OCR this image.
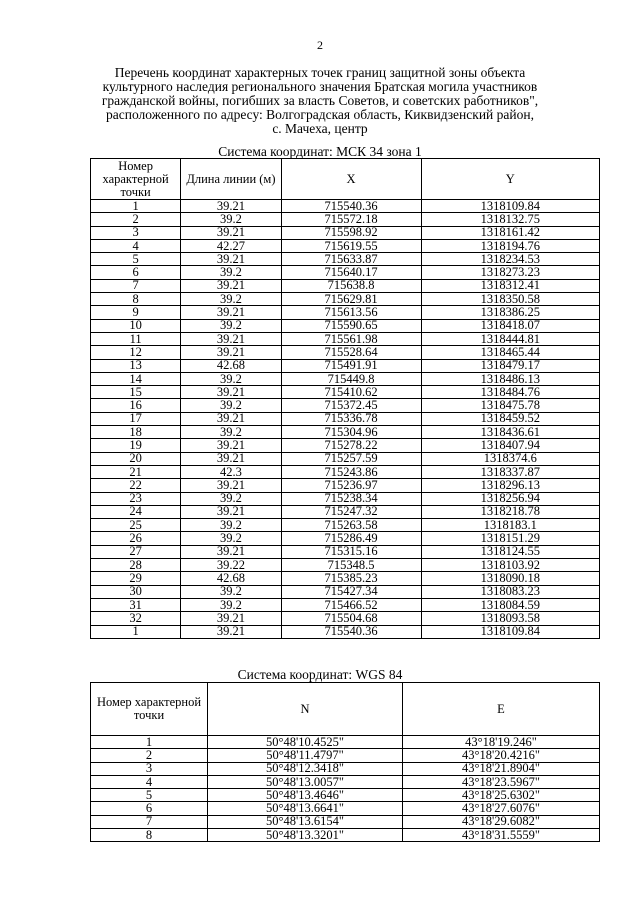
2
Перечень координат характерных точек границ защитной зоны объекта
культурного наследия регионального значения Братская могила участников
гражданской войны, погибших за власть Советов, и советских работников",
расположенного по адресу: Волгоградская область, Киквидзенский район,
с. Мачеха, центр
Система координат: МСК 34 зона 1
Номер характерной точки	Длина линии (м)	X	Y
1	39.21	715540.36	1318109.84
2	39.2	715572.18	1318132.75
3	39.21	715598.92	1318161.42
4	42.27	715619.55	1318194.76
5	39.21	715633.87	1318234.53
6	39.2	715640.17	1318273.23
7	39.21	715638.8	1318312.41
8	39.2	715629.81	1318350.58
9	39.21	715613.56	1318386.25
10	39.2	715590.65	1318418.07
11	39.21	715561.98	1318444.81
12	39.21	715528.64	1318465.44
13	42.68	715491.91	1318479.17
14	39.2	715449.8	1318486.13
15	39.21	715410.62	1318484.76
16	39.2	715372.45	1318475.78
17	39.21	715336.78	1318459.52
18	39.2	715304.96	1318436.61
19	39.21	715278.22	1318407.94
20	39.21	715257.59	1318374.6
21	42.3	715243.86	1318337.87
22	39.21	715236.97	1318296.13
23	39.2	715238.34	1318256.94
24	39.21	715247.32	1318218.78
25	39.2	715263.58	1318183.1
26	39.2	715286.49	1318151.29
27	39.21	715315.16	1318124.55
28	39.22	715348.5	1318103.92
29	42.68	715385.23	1318090.18
30	39.2	715427.34	1318083.23
31	39.2	715466.52	1318084.59
32	39.21	715504.68	1318093.58
1	39.21	715540.36	1318109.84
Система координат: WGS 84
Номер характерной точки	N	E
1	50°48'10.4525"	43°18'19.246"
2	50°48'11.4797"	43°18'20.4216"
3	50°48'12.3418"	43°18'21.8904"
4	50°48'13.0057"	43°18'23.5967"
5	50°48'13.4646"	43°18'25.6302"
6	50°48'13.6641"	43°18'27.6076"
7	50°48'13.6154"	43°18'29.6082"
8	50°48'13.3201"	43°18'31.5559"
